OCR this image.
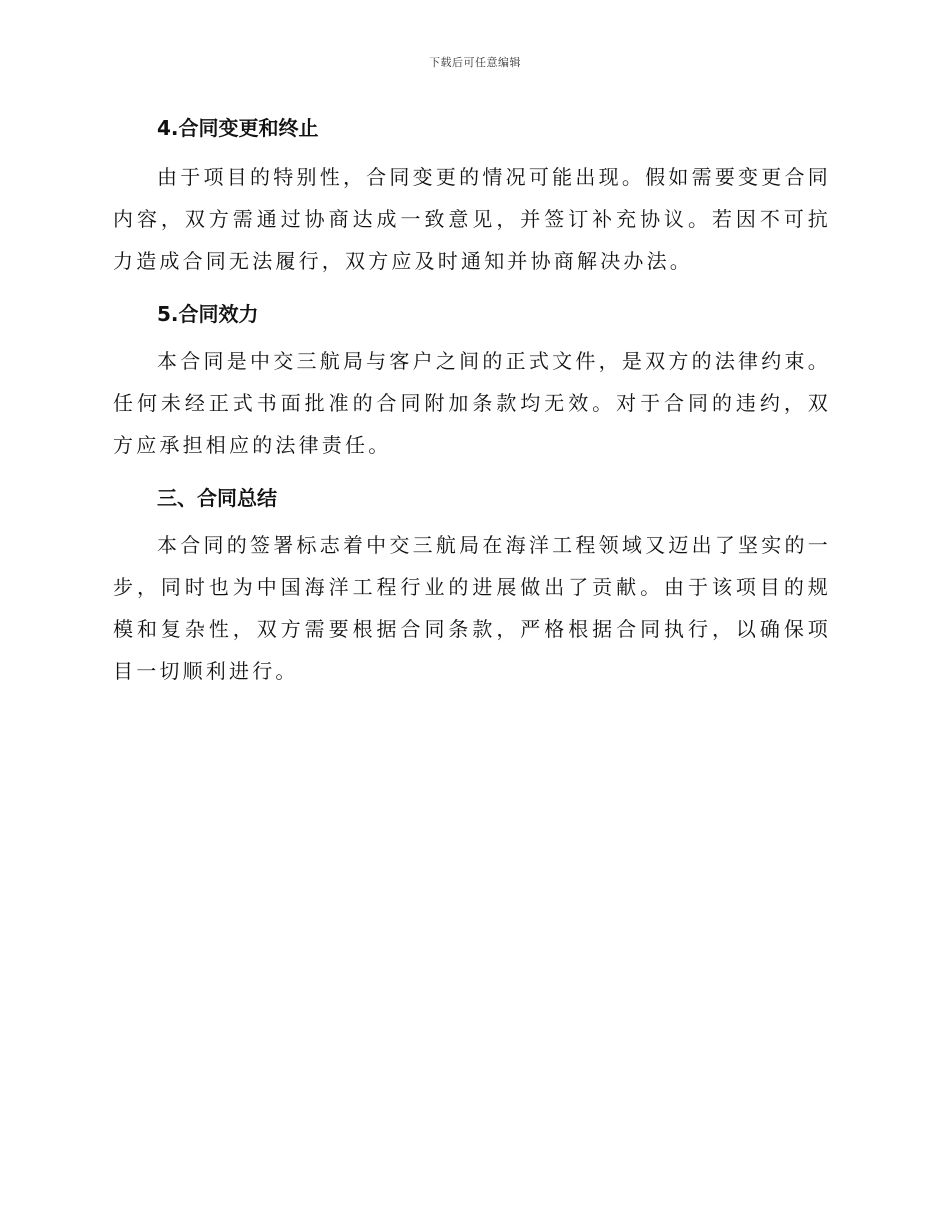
下载后可任意编辑
4.合同变更和终止

由于项目的特别性，合同变更的情况可能出现。假如需要变更合同内容，双方需通过协商达成一致意见，并签订补充协议。若因不可抗力造成合同无法履行，双方应及时通知并协商解决办法。

5.合同效力

本合同是中交三航局与客户之间的正式文件，是双方的法律约束。任何未经正式书面批准的合同附加条款均无效。对于合同的违约，双方应承担相应的法律责任。

三、合同总结

本合同的签署标志着中交三航局在海洋工程领域又迈出了坚实的一步，同时也为中国海洋工程行业的进展做出了贡献。由于该项目的规模和复杂性，双方需要根据合同条款，严格根据合同执行，以确保项目一切顺利进行。
